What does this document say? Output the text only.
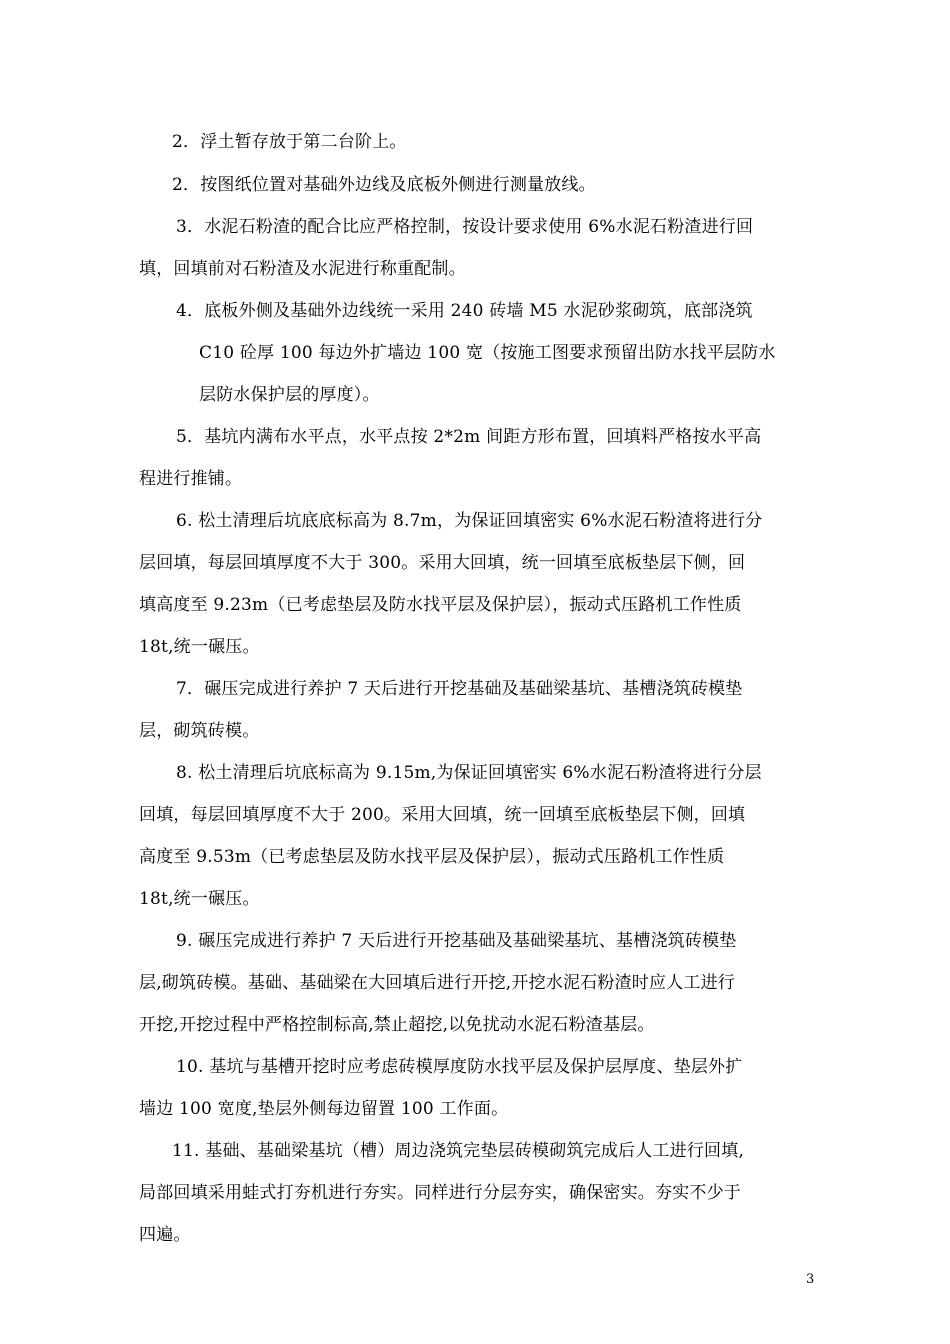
2．浮土暂存放于第二台阶上。
2．按图纸位置对基础外边线及底板外侧进行测量放线。
3．水泥石粉渣的配合比应严格控制，按设计要求使用 6%水泥石粉渣进行回
填，回填前对石粉渣及水泥进行称重配制。
4．底板外侧及基础外边线统一采用 240 砖墙 M5 水泥砂浆砌筑，底部浇筑
C10 砼厚 100 每边外扩墙边 100 宽（按施工图要求预留出防水找平层防水
层防水保护层的厚度）。
5．基坑内满布水平点，水平点按 2*2m 间距方形布置，回填料严格按水平高
程进行推铺。
6. 松土清理后坑底底标高为 8.7m，为保证回填密实 6%水泥石粉渣将进行分
层回填，每层回填厚度不大于 300。采用大回填，统一回填至底板垫层下侧，回
填高度至 9.23m（已考虑垫层及防水找平层及保护层），振动式压路机工作性质
18t,统一碾压。
7．碾压完成进行养护 7 天后进行开挖基础及基础梁基坑、基槽浇筑砖模垫
层，砌筑砖模。
8. 松土清理后坑底标高为 9.15m,为保证回填密实 6%水泥石粉渣将进行分层
回填，每层回填厚度不大于 200。采用大回填，统一回填至底板垫层下侧，回填
高度至 9.53m（已考虑垫层及防水找平层及保护层），振动式压路机工作性质
18t,统一碾压。
9. 碾压完成进行养护 7 天后进行开挖基础及基础梁基坑、基槽浇筑砖模垫
层,砌筑砖模。基础、基础梁在大回填后进行开挖,开挖水泥石粉渣时应人工进行
开挖,开挖过程中严格控制标高,禁止超挖,以免扰动水泥石粉渣基层。
10. 基坑与基槽开挖时应考虑砖模厚度防水找平层及保护层厚度、垫层外扩
墙边 100 宽度,垫层外侧每边留置 100 工作面。
11. 基础、基础梁基坑（槽）周边浇筑完垫层砖模砌筑完成后人工进行回填,
局部回填采用蛙式打夯机进行夯实。同样进行分层夯实，确保密实。夯实不少于
四遍。
3
